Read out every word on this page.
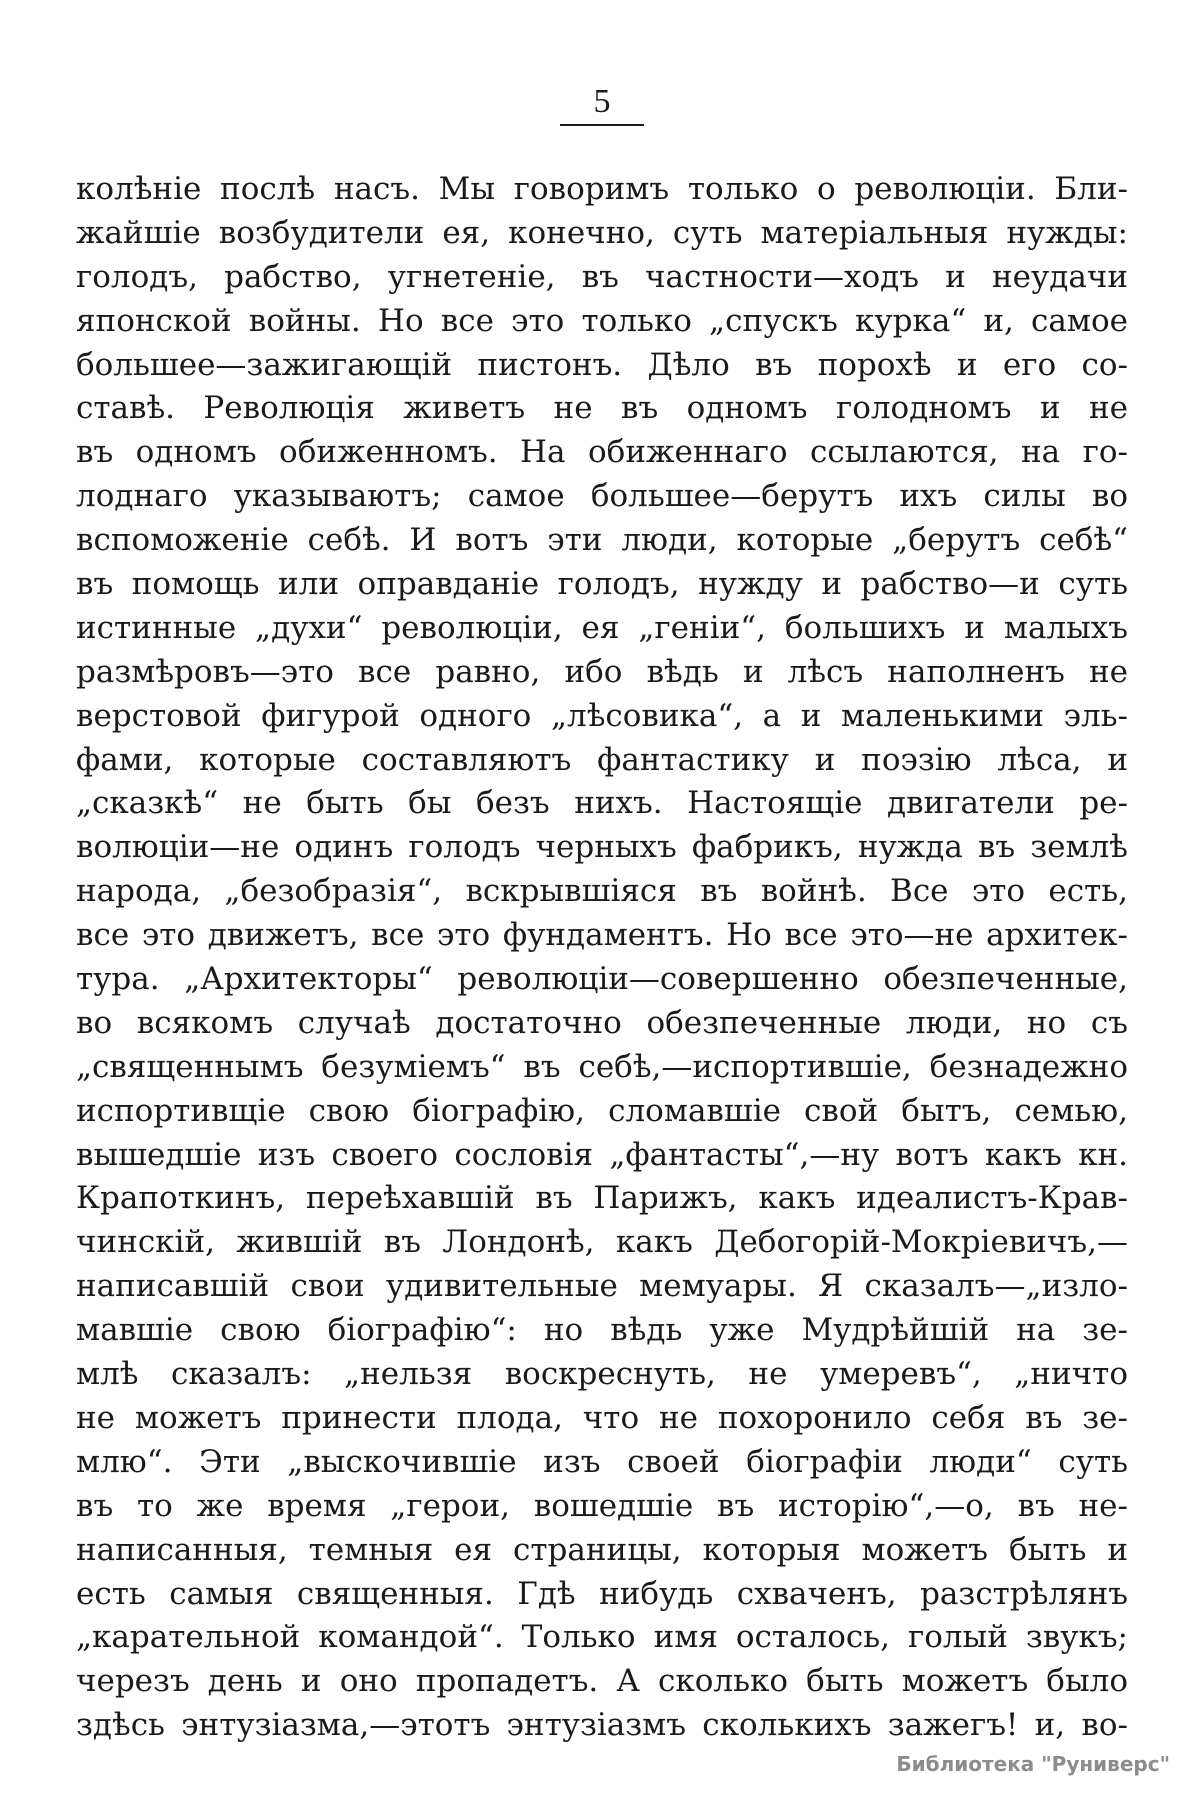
5
колѣніе послѣ насъ. Мы говоримъ только о революціи. Бли-
жайшіе возбудители ея, конечно, суть матеріальныя нужды:
голодъ, рабство, угнетеніе, въ частности—ходъ и неудачи
японской войны. Но все это только „спускъ курка“ и, самое
большее—зажигающій пистонъ. Дѣло въ порохѣ и его со-
ставѣ. Революція живетъ не въ одномъ голодномъ и не
въ одномъ обиженномъ. На обиженнаго ссылаются, на го-
лоднаго указываютъ; самое большее—берутъ ихъ силы во
вспоможеніе себѣ. И вотъ эти люди, которые „берутъ себѣ“
въ помощь или оправданіе голодъ, нужду и рабство—и суть
истинные „духи“ революціи, ея „геніи“, большихъ и малыхъ
размѣровъ—это все равно, ибо вѣдь и лѣсъ наполненъ не
верстовой фигурой одного „лѣсовика“, а и маленькими эль-
фами, которые составляютъ фантастику и поэзію лѣса, и
„сказкѣ“ не быть бы безъ нихъ. Настоящіе двигатели ре-
волюціи—не одинъ голодъ черныхъ фабрикъ, нужда въ землѣ
народа, „безобразія“, вскрывшіяся въ войнѣ. Все это есть,
все это движетъ, все это фундаментъ. Но все это—не архитек-
тура. „Архитекторы“ революціи—совершенно обезпеченные,
во всякомъ случаѣ достаточно обезпеченные люди, но съ
„священнымъ безуміемъ“ въ себѣ,—испортившіе, безнадежно
испортивщіе свою біографію, сломавшіе свой бытъ, семью,
вышедшіе изъ своего сословія „фантасты“,—ну вотъ какъ кн.
Крапоткинъ, переѣхавшій въ Парижъ, какъ идеалистъ-Крав-
чинскій, жившій въ Лондонѣ, какъ Дебогорій-Мокріевичъ,—
написавшій свои удивительные мемуары. Я сказалъ—„изло-
мавшіе свою біографію“: но вѣдь уже Мудрѣйшій на зе-
млѣ сказалъ: „нельзя воскреснуть, не умеревъ“, „ничто
не можетъ принести плода, что не похоронило себя въ зе-
млю“. Эти „выскочившіе изъ своей біографіи люди“ суть
въ то же время „герои, вошедшіе въ исторію“,—о, въ не-
написанныя, темныя ея страницы, которыя можетъ быть и
есть самыя священныя. Гдѣ нибудь схваченъ, разстрѣлянъ
„карательной командой“. Только имя осталось, голый звукъ;
черезъ день и оно пропадетъ. А сколько быть можетъ было
здѣсь энтузіазма,—этотъ энтузіазмъ сколькихъ зажегъ! и, во-
Библиотека "Руниверс"
